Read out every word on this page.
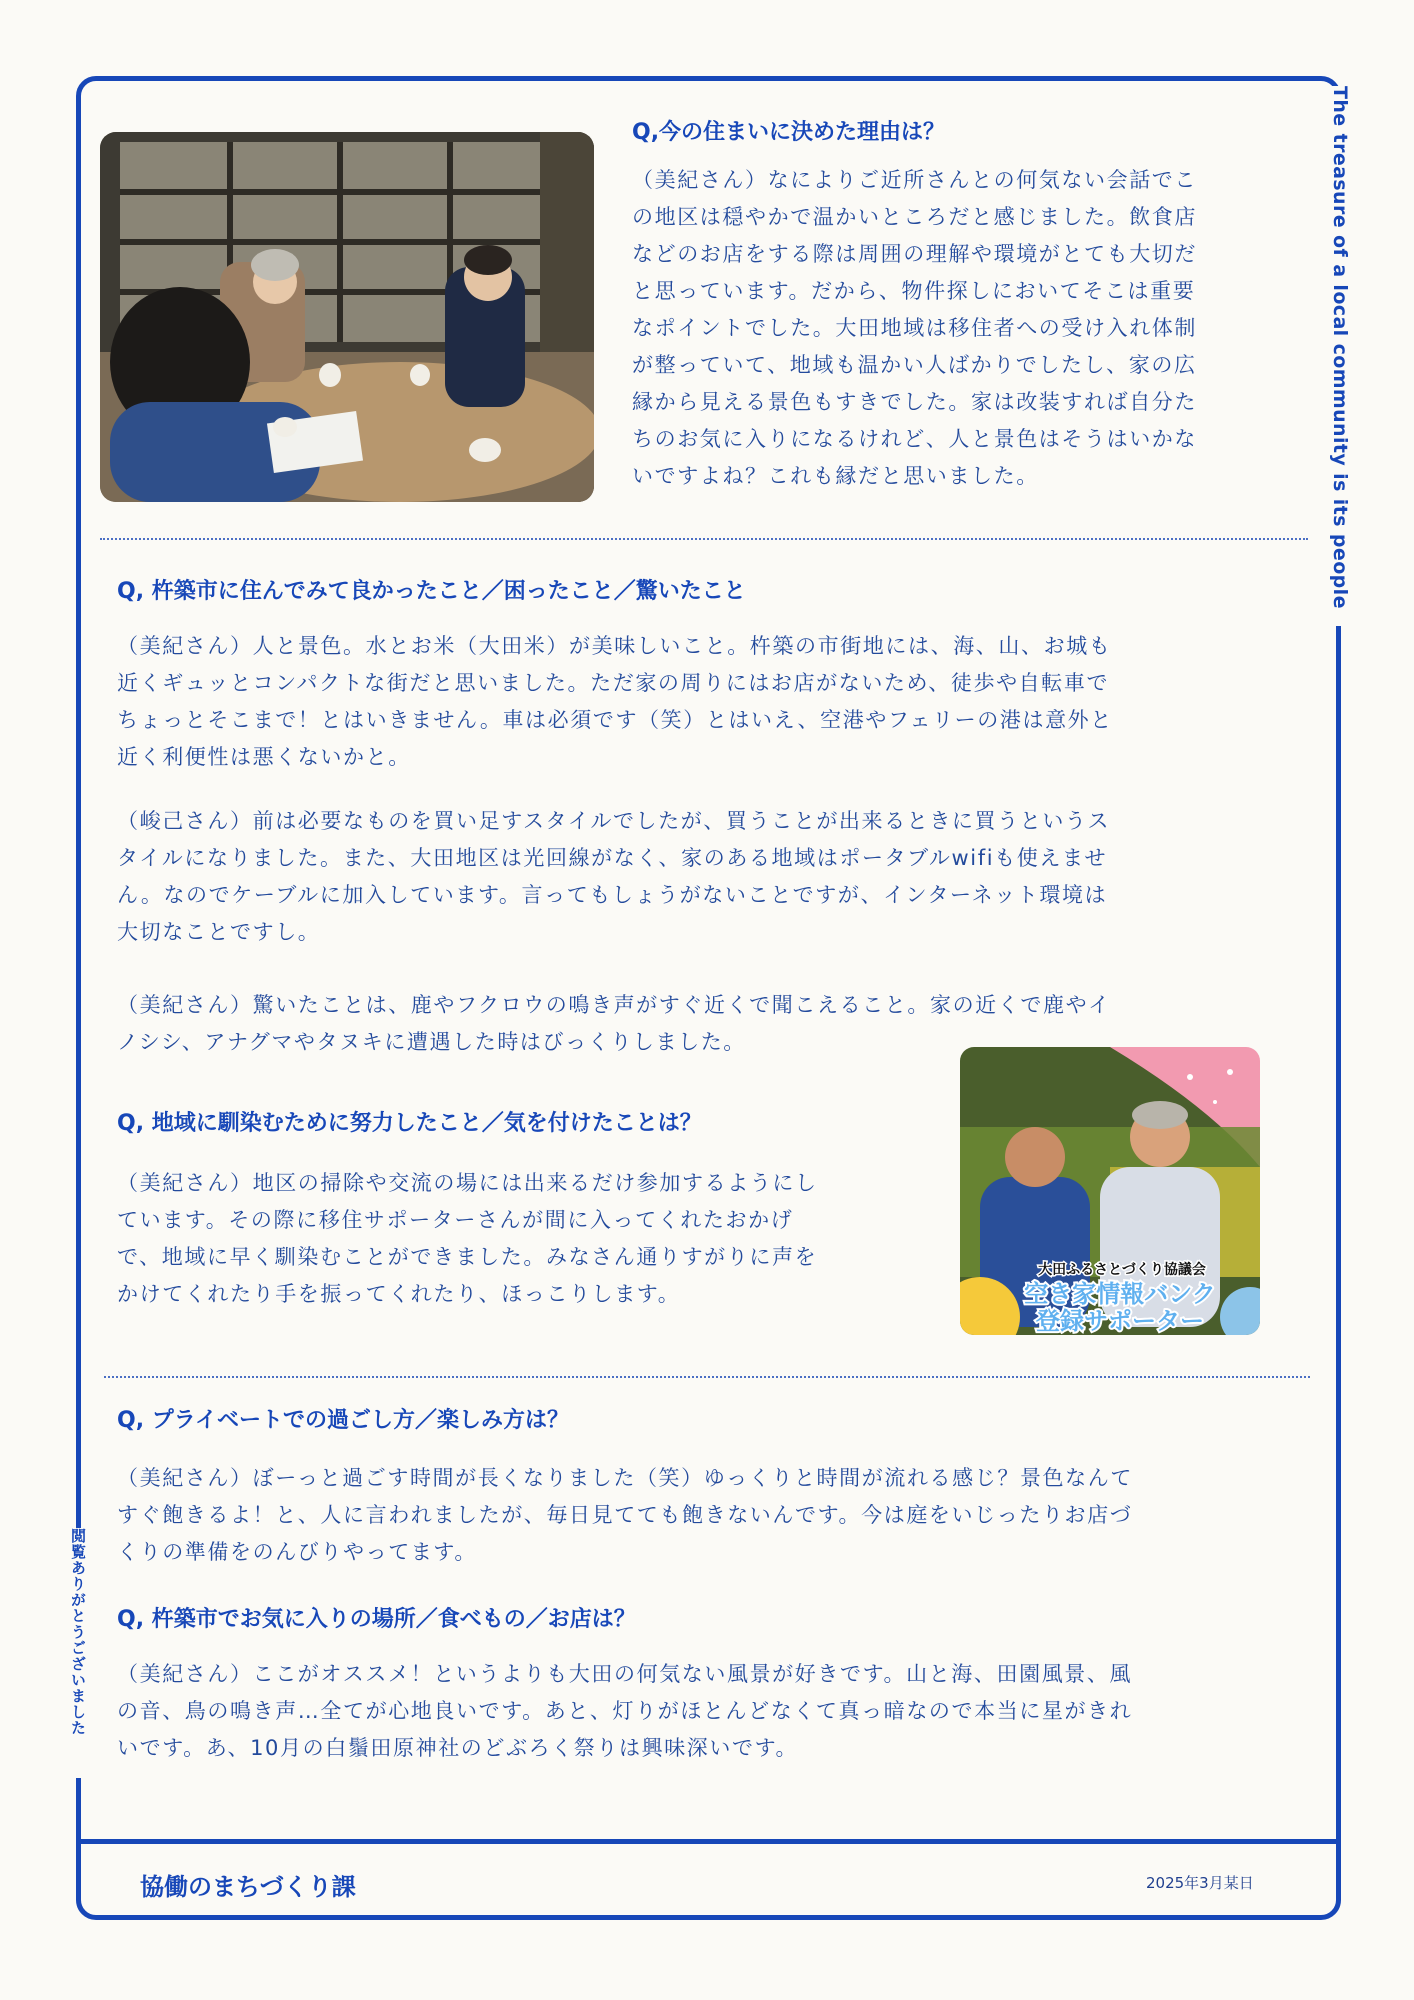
The treasure of a local community is its people
閲覧ありがとうございました
Q,今の住まいに決めた理由は？
（美紀さん）なによりご近所さんとの何気ない会話でこ
の地区は穏やかで温かいところだと感じました。飲食店
などのお店をする際は周囲の理解や環境がとても大切だ
と思っています。だから、物件探しにおいてそこは重要
なポイントでした。大田地域は移住者への受け入れ体制
が整っていて、地域も温かい人ばかりでしたし、家の広
縁から見える景色もすきでした。家は改装すれば自分た
ちのお気に入りになるけれど、人と景色はそうはいかな
いですよね？これも縁だと思いました。
Q, 杵築市に住んでみて良かったこと／困ったこと／驚いたこと
（美紀さん）人と景色。水とお米（大田米）が美味しいこと。杵築の市街地には、海、山、お城も
近くギュッとコンパクトな街だと思いました。ただ家の周りにはお店がないため、徒歩や自転車で
ちょっとそこまで！とはいきません。車は必須です（笑）とはいえ、空港やフェリーの港は意外と
近く利便性は悪くないかと。
（峻己さん）前は必要なものを買い足すスタイルでしたが、買うことが出来るときに買うというス
タイルになりました。また、大田地区は光回線がなく、家のある地域はポータブルwifiも使えませ
ん。なのでケーブルに加入しています。言ってもしょうがないことですが、インターネット環境は
大切なことですし。
（美紀さん）驚いたことは、鹿やフクロウの鳴き声がすぐ近くで聞こえること。家の近くで鹿やイ
ノシシ、アナグマやタヌキに遭遇した時はびっくりしました。
Q, 地域に馴染むために努力したこと／気を付けたことは？
（美紀さん）地区の掃除や交流の場には出来るだけ参加するようにし
ています。その際に移住サポーターさんが間に入ってくれたおかげ
で、地域に早く馴染むことができました。みなさん通りすがりに声を
かけてくれたり手を振ってくれたり、ほっこりします。
大田ふるさとづくり協議会
空き家情報バンク
登録サポーター
Q, プライベートでの過ごし方／楽しみ方は？
（美紀さん）ぼーっと過ごす時間が長くなりました（笑）ゆっくりと時間が流れる感じ？景色なんて
すぐ飽きるよ！と、人に言われましたが、毎日見てても飽きないんです。今は庭をいじったりお店づ
くりの準備をのんびりやってます。
Q, 杵築市でお気に入りの場所／食べもの／お店は？
（美紀さん）ここがオススメ！というよりも大田の何気ない風景が好きです。山と海、田園風景、風
の音、鳥の鳴き声…全てが心地良いです。あと、灯りがほとんどなくて真っ暗なので本当に星がきれ
いです。あ、10月の白鬚田原神社のどぶろく祭りは興味深いです。
協働のまちづくり課	2025年3月某日
